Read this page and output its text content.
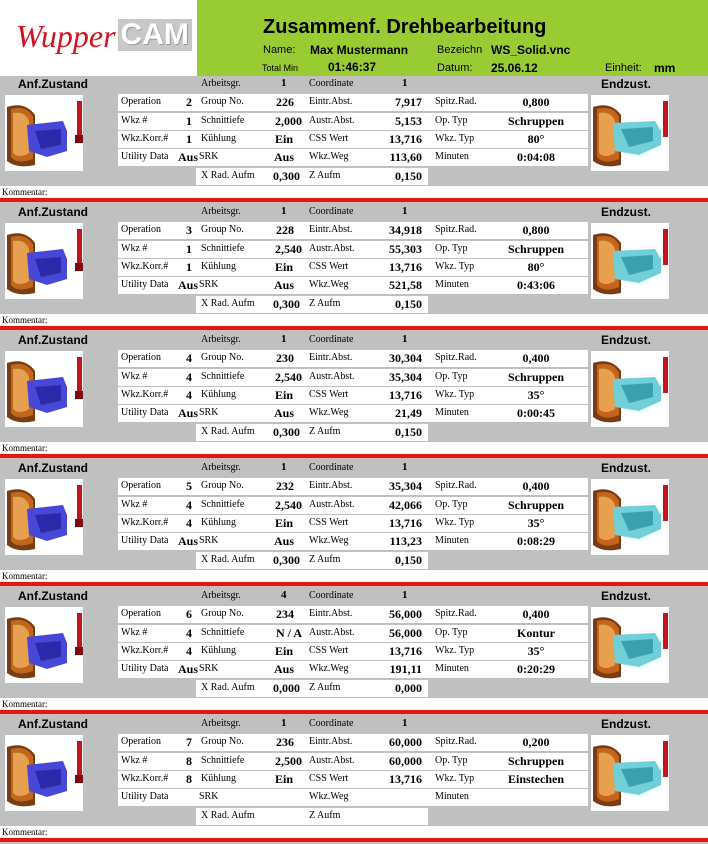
Wupper CAM	Zusammenf. Drehbearbeitung
Name: Max Mustermann	Bezeichn WS_Solid.vnc
Total Min 01:46:37	Datum: 25.06.12	Einheit: mm
Anf.Zustand	Endzust.
Arbeitsgr.	1 Coordinate	1
Operation	2 Group No.	226 Eintr.Abst.	7,917 Spitz.Rad.	0,800
Wkz #	1 Schnittiefe	2,000 Austr.Abst.	5,153 Op. Typ	Schruppen
Wkz.Korr.#	1 Kühlung	Ein	CSS Wert	13,716 Wkz. Typ	80°
Utility Data Aus SRK	Aus	Wkz.Weg	113,60 Minuten	0:04:08
X Rad. Aufm	0,300 Z Aufm	0,150
Kommentar:
Anf.Zustand	Endzust.
Arbeitsgr.	1 Coordinate	1
Operation	3 Group No.	228 Eintr.Abst.	34,918 Spitz.Rad.	0,800
Wkz #	1 Schnittiefe	2,540 Austr.Abst.	55,303 Op. Typ	Schruppen
Wkz.Korr.#	1 Kühlung	Ein	CSS Wert	13,716 Wkz. Typ	80°
Utility Data Aus SRK	Aus	Wkz.Weg	521,58 Minuten	0:43:06
X Rad. Aufm	0,300 Z Aufm	0,150
Kommentar:
Anf.Zustand	Endzust.
Arbeitsgr.	1 Coordinate	1
Operation	4 Group No.	230 Eintr.Abst.	30,304 Spitz.Rad.	0,400
Wkz #	4 Schnittiefe	2,540 Austr.Abst.	35,304 Op. Typ	Schruppen
Wkz.Korr.#	4 Kühlung	Ein	CSS Wert	13,716 Wkz. Typ	35°
Utility Data Aus SRK	Aus	Wkz.Weg	21,49 Minuten	0:00:45
X Rad. Aufm	0,300 Z Aufm	0,150
Kommentar:
Anf.Zustand	Endzust.
Arbeitsgr.	1 Coordinate	1
Operation	5 Group No.	232 Eintr.Abst.	35,304 Spitz.Rad.	0,400
Wkz #	4 Schnittiefe	2,540 Austr.Abst.	42,066 Op. Typ	Schruppen
Wkz.Korr.#	4 Kühlung	Ein	CSS Wert	13,716 Wkz. Typ	35°
Utility Data Aus SRK	Aus	Wkz.Weg	113,23 Minuten	0:08:29
X Rad. Aufm	0,300 Z Aufm	0,150
Kommentar:
Anf.Zustand	Endzust.
Arbeitsgr.	4 Coordinate	1
Operation	6 Group No.	234 Eintr.Abst.	56,000 Spitz.Rad.	0,400
Wkz #	4 Schnittiefe	N / A Austr.Abst.	56,000 Op. Typ	Kontur
Wkz.Korr.#	4 Kühlung	Ein	CSS Wert	13,716 Wkz. Typ	35°
Utility Data Aus SRK	Aus	Wkz.Weg	191,11 Minuten	0:20:29
X Rad. Aufm	0,000 Z Aufm	0,000
Kommentar:
Anf.Zustand	Endzust.
Arbeitsgr.	1 Coordinate	1
Operation	7 Group No.	236 Eintr.Abst.	60,000 Spitz.Rad.	0,200
Wkz #	8 Schnittiefe	2,500 Austr.Abst.	60,000 Op. Typ	Schruppen
Wkz.Korr.#	8 Kühlung	Ein	CSS Wert	13,716 Wkz. Typ	Einstechen
Utility Data	SRK	Wkz.Weg	Minuten
X Rad. Aufm	Z Aufm
Kommentar:
